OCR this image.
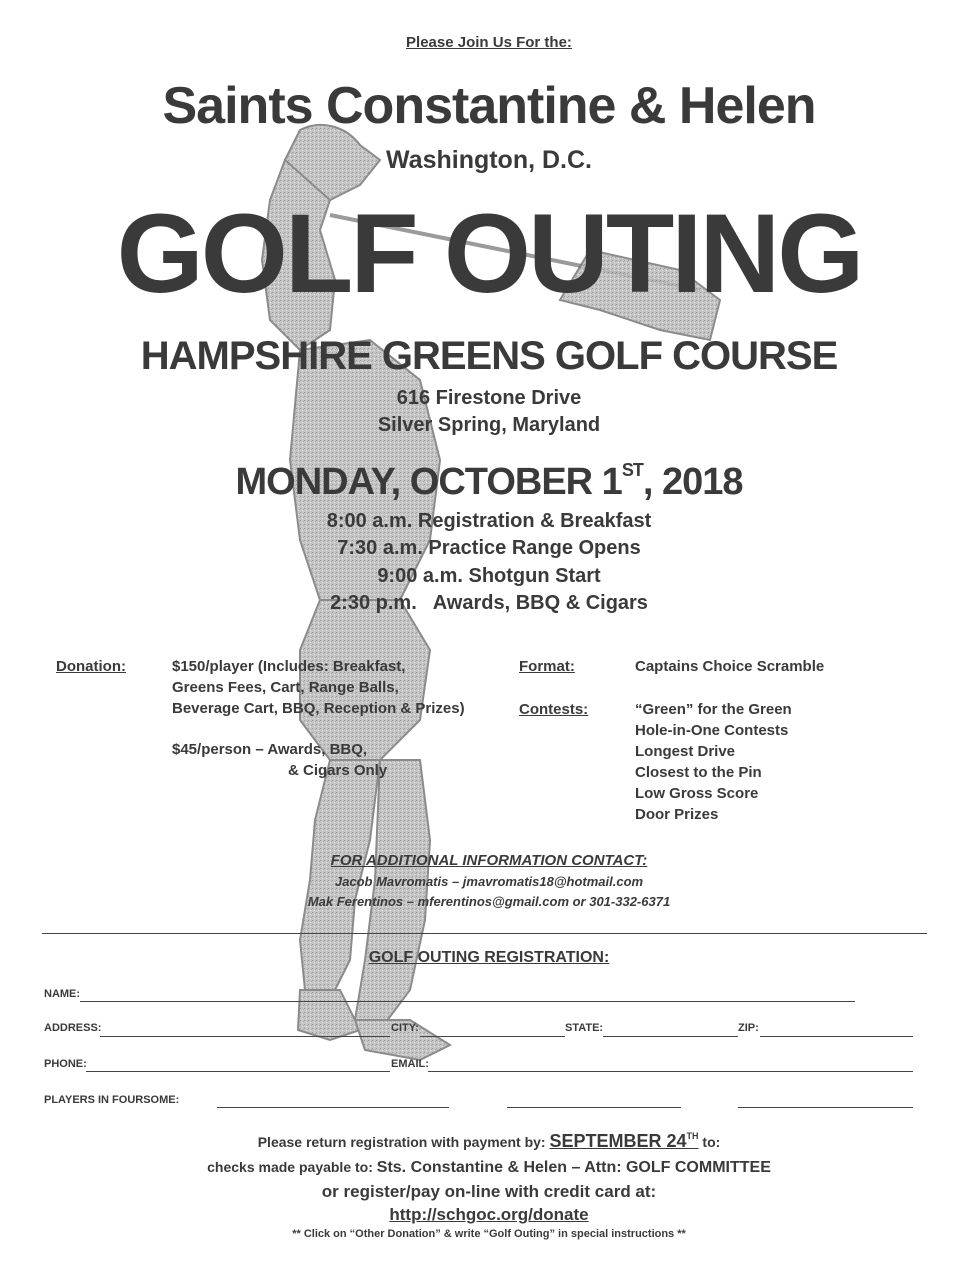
Please Join Us For the:
Saints Constantine & Helen
Washington, D.C.
GOLF OUTING
HAMPSHIRE GREENS GOLF COURSE
616 Firestone Drive
Silver Spring, Maryland
MONDAY, OCTOBER 1ST, 2018
8:00 a.m. Registration & Breakfast
7:30 a.m. Practice Range Opens
9:00 a.m. Shotgun Start
2:30 p.m.   Awards, BBQ & Cigars
Donation:	$150/player (Includes: Breakfast,
Greens Fees, Cart, Range Balls,
Beverage Cart, BBQ, Reception & Prizes)
$45/person – Awards, BBQ,
& Cigars Only
Format:	Captains Choice Scramble
Contests:	“Green” for the Green
Hole-in-One Contests
Longest Drive
Closest to the Pin
Low Gross Score
Door Prizes
FOR ADDITIONAL INFORMATION CONTACT:
Jacob Mavromatis – jmavromatis18@hotmail.com
Mak Ferentinos – mferentinos@gmail.com or 301-332-6371
GOLF OUTING REGISTRATION:
NAME:
ADDRESS:	CITY:	STATE:	ZIP:
PHONE:	EMAIL:
PLAYERS IN FOURSOME:
Please return registration with payment by: SEPTEMBER 24TH to:
checks made payable to: Sts. Constantine & Helen – Attn: GOLF COMMITTEE
or register/pay on-line with credit card at:
http://schgoc.org/donate
** Click on “Other Donation” & write “Golf Outing” in special instructions **
